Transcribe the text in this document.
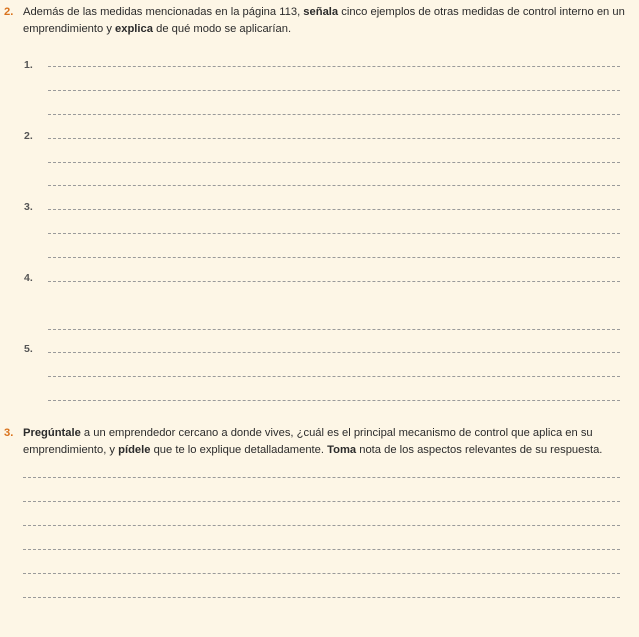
2. Además de las medidas mencionadas en la página 113, señala cinco ejemplos de otras medidas de control interno en un emprendimiento y explica de qué modo se aplicarían.
1.
2.
3.
4.
5.
3. Pregúntale a un emprendedor cercano a donde vives, ¿cuál es el principal mecanismo de control que aplica en su emprendimiento, y pídele que te lo explique detalladamente. Toma nota de los aspectos relevantes de su respuesta.
